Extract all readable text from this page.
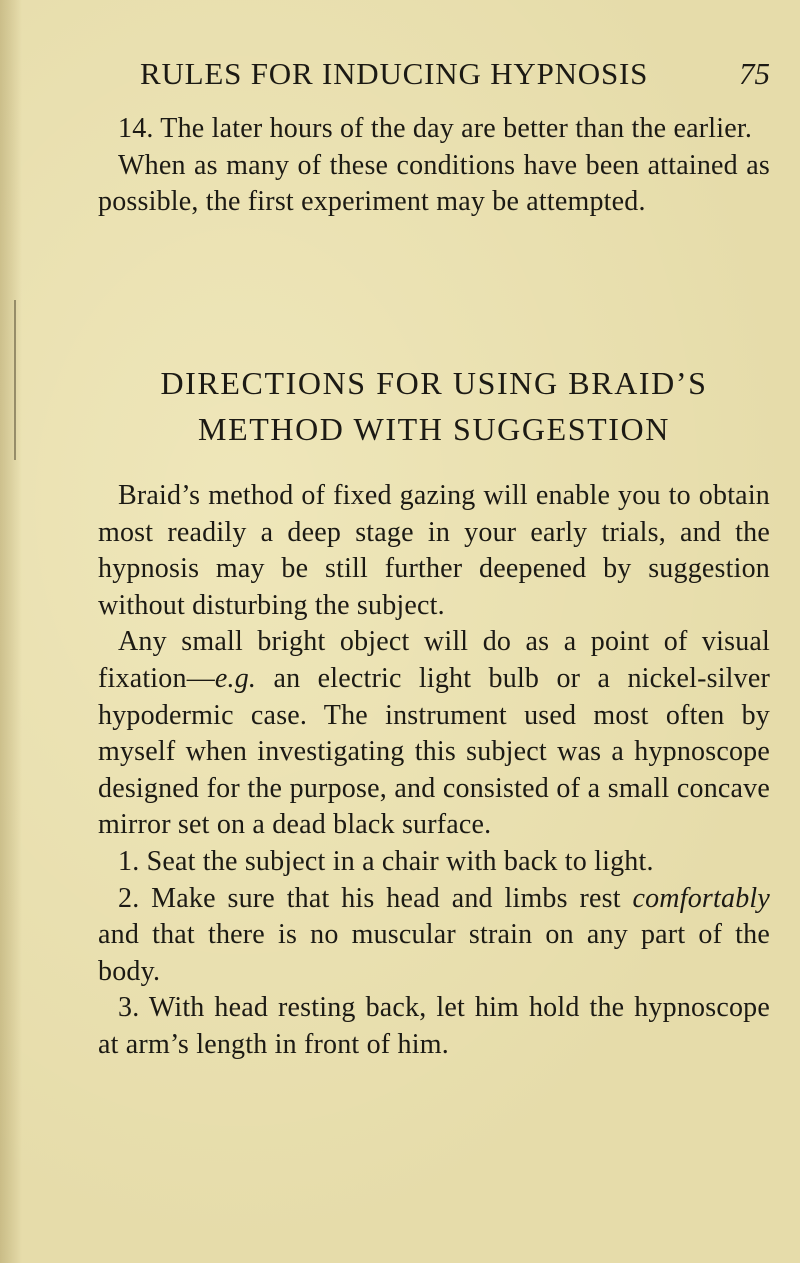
RULES FOR INDUCING HYPNOSIS	75

14. The later hours of the day are better than the earlier.

When as many of these conditions have been attained as possible, the first experiment may be attempted.

DIRECTIONS FOR USING BRAID’S
METHOD WITH SUGGESTION

Braid’s method of fixed gazing will enable you to obtain most readily a deep stage in your early trials, and the hypnosis may be still further deepened by suggestion without disturbing the subject.

Any small bright object will do as a point of visual fixation—e.g. an electric light bulb or a nickel-silver hypodermic case. The instrument used most often by myself when investigating this subject was a hypnoscope designed for the purpose, and consisted of a small concave mirror set on a dead black surface.

1. Seat the subject in a chair with back to light.

2. Make sure that his head and limbs rest comfortably and that there is no muscular strain on any part of the body.

3. With head resting back, let him hold the hypnoscope at arm’s length in front of him.
